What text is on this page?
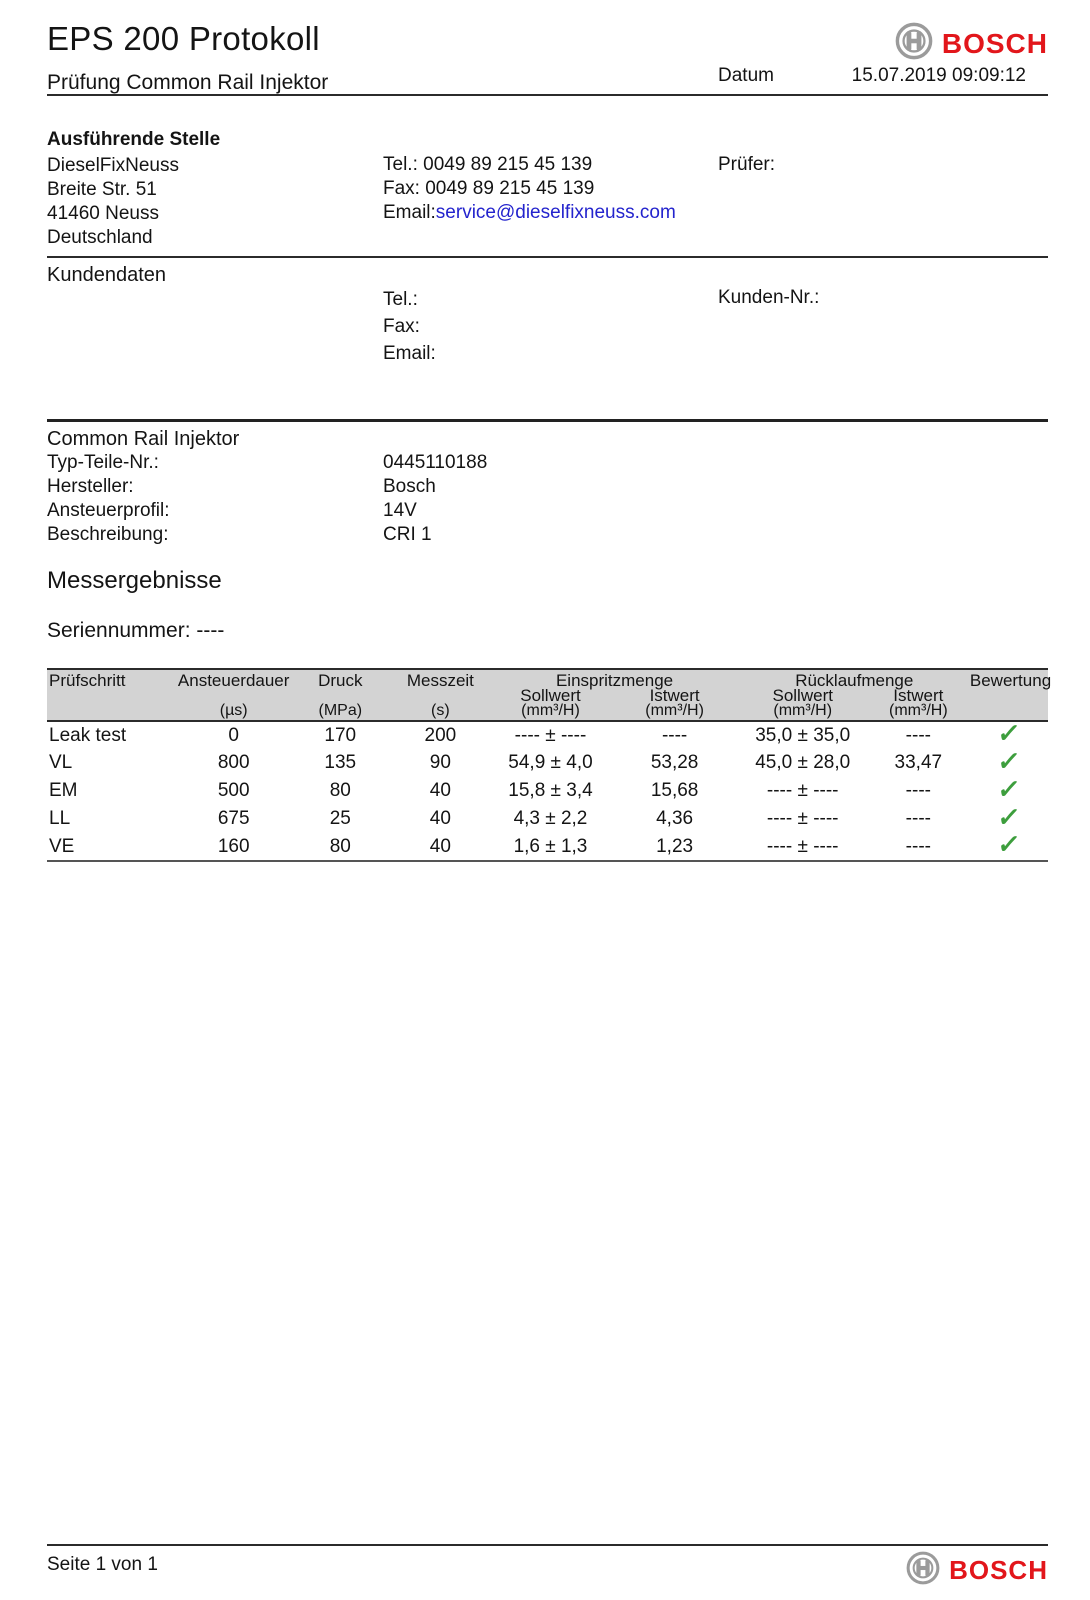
EPS 200 Protokoll
Prüfung Common Rail Injektor
BOSCH
Datum	15.07.2019 09:09:12
Ausführende Stelle
DieselFixNeuss
Breite Str. 51
41460 Neuss
Deutschland
Tel.: 0049 89 215 45 139
Fax: 0049 89 215 45 139
Email:service@dieselfixneuss.com
Prüfer:
Kundendaten
Tel.:
Fax:
Email:
Kunden-Nr.:
Common Rail Injektor
Typ-Teile-Nr.:	0445110188
Hersteller:	Bosch
Ansteuerprofil:	14V
Beschreibung:	CRI 1
Messergebnisse
Seriennummer: ----
Prüfschritt	Ansteuerdauer	Druck	Messzeit	Einspritzmenge		Rücklaufmenge		Bewertung
				Sollwert	Istwert	Sollwert	Istwert	
	(µs)	(MPa)	(s)	(mm³/H)	(mm³/H)	(mm³/H)	(mm³/H)	
Leak test	0	170	200	---- ± ----	----	35,0 ± 35,0	----	✓
VL	800	135	90	54,9 ± 4,0	53,28	45,0 ± 28,0	33,47	✓
EM	500	80	40	15,8 ± 3,4	15,68	---- ± ----	----	✓
LL	675	25	40	4,3 ± 2,2	4,36	---- ± ----	----	✓
VE	160	80	40	1,6 ± 1,3	1,23	---- ± ----	----	✓
Seite 1 von 1	BOSCH
